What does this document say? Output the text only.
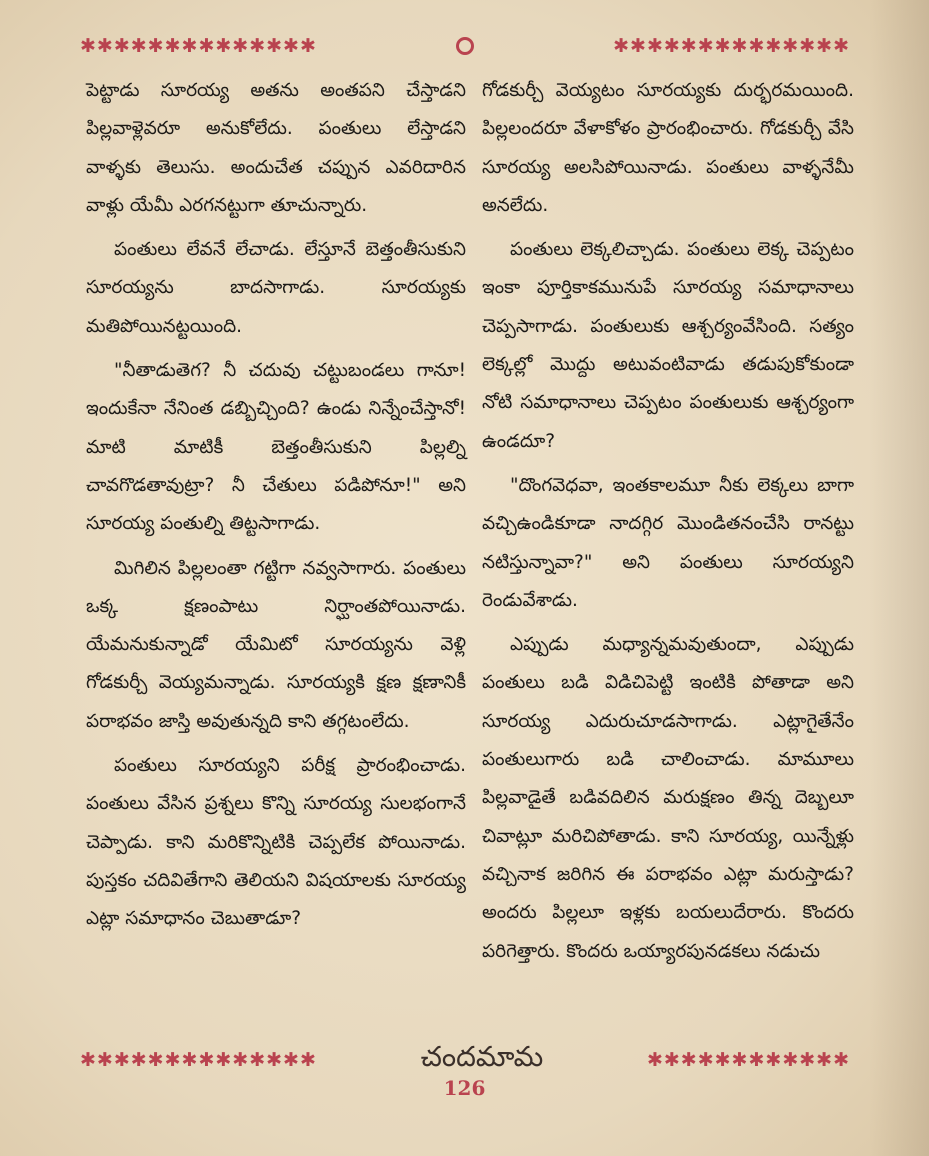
✱✱✱✱✱✱✱✱✱✱✱✱✱✱	✱✱✱✱✱✱✱✱✱✱✱✱✱✱

పెట్టాడు సూరయ్య అతను అంతపని చేస్తాడని పిల్లవాళ్లెవరూ అనుకోలేదు. పంతులు లేస్తాడని వాళ్ళకు తెలుసు. అందుచేత చప్పున ఎవరిదారిన వాళ్లు యేమీ ఎరగనట్టుగా తూచున్నారు.

పంతులు లేవనే లేచాడు. లేస్తూనే బెత్తంతీసుకుని సూరయ్యను బాదసాగాడు. సూరయ్యకు మతిపోయినట్టయింది.

"నీతాడుతెగ? నీ చదువు చట్టుబండలు గానూ! ఇందుకేనా నేనింత డబ్బిచ్చింది? ఉండు నిన్నేంచేస్తానో! మాటి మాటికీ బెత్తంతీసుకుని పిల్లల్ని చావగొడతావుట్రా? నీ చేతులు పడిపోనూ!" అని సూరయ్య పంతుల్ని తిట్టసాగాడు.

మిగిలిన పిల్లలంతా గట్టిగా నవ్వసాగారు. పంతులు ఒక్క క్షణంపాటు నిర్ఘాంతపోయినాడు. యేమనుకున్నాడో యేమిటో సూరయ్యను వెళ్లి గోడకుర్చీ వెయ్యమన్నాడు. సూరయ్యకి క్షణ క్షణానికీ పరాభవం జాస్తి అవుతున్నది కాని తగ్గటంలేదు.

పంతులు సూరయ్యని పరీక్ష ప్రారంభించాడు. పంతులు వేసిన ప్రశ్నలు కొన్ని సూరయ్య సులభంగానే చెప్పాడు. కాని మరికొన్నిటికి చెప్పలేక పోయినాడు. పుస్తకం చదివితేగాని తెలియని విషయాలకు సూరయ్య ఎట్లా సమాధానం చెబుతాడూ?

గోడకుర్చీ వెయ్యటం సూరయ్యకు దుర్భరమయింది. పిల్లలందరూ వేళాకోళం ప్రారంభించారు. గోడకుర్చీ వేసి సూరయ్య అలసిపోయినాడు. పంతులు వాళ్ళనేమీ అనలేదు.

పంతులు లెక్కలిచ్చాడు. పంతులు లెక్క చెప్పటం ఇంకా పూర్తికాకమునుపే సూరయ్య సమాధానాలు చెప్పసాగాడు. పంతులుకు ఆశ్చర్యంవేసింది. సత్యం లెక్కల్లో మొద్దు అటువంటివాడు తడుపుకోకుండా నోటి సమాధానాలు చెప్పటం పంతులుకు ఆశ్చర్యంగా ఉండదూ?

"దొంగవెధవా, ఇంతకాలమూ నీకు లెక్కలు బాగా వచ్చిఉండికూడా నాదగ్గిర మొండితనంచేసి రానట్టు నటిస్తున్నావా?" అని పంతులు సూరయ్యని రెండువేశాడు.

ఎప్పుడు మధ్యాన్నమవుతుందా, ఎప్పుడు పంతులు బడి విడిచిపెట్టి ఇంటికి పోతాడా అని సూరయ్య ఎదురుచూడసాగాడు. ఎట్లాగైతేనేం పంతులుగారు బడి చాలించాడు. మామూలు పిల్లవాడైతే బడివదిలిన మరుక్షణం తిన్న దెబ్బలూ చివాట్లూ మరిచిపోతాడు. కాని సూరయ్య, యిన్నేళ్లు వచ్చినాక జరిగిన ఈ పరాభవం ఎట్లా మరుస్తాడు? అందరు పిల్లలూ ఇళ్లకు బయలుదేరారు. కొందరు పరిగెత్తారు. కొందరు ఒయ్యారపునడకలు నడుచు

✱✱✱✱✱✱✱✱✱✱✱✱✱✱	చందమామ	✱✱✱✱✱✱✱✱✱✱✱✱
126
